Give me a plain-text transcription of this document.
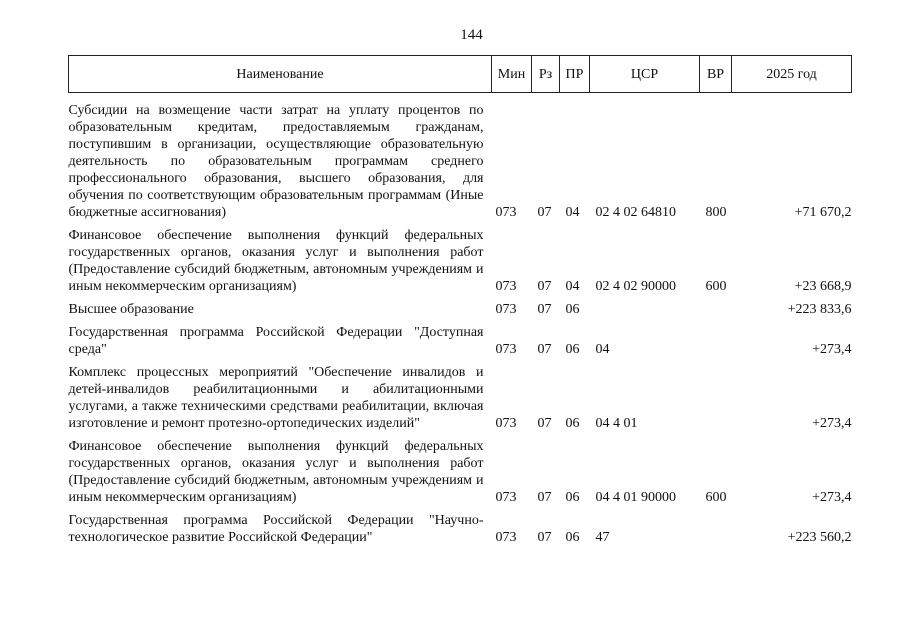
144
Наименование	Мин	Рз	ПР	ЦСР	ВР	2025 год
Субсидии на возмещение части затрат на уплату процентов по образовательным кредитам, предоставляемым гражданам, поступившим в организации, осуществляющие образовательную деятельность по образовательным программам среднего профессионального образования, высшего образования, для обучения по соответствующим образовательным программам (Иные бюджетные ассигнования)	073	07	04	02 4 02 64810	800	+71 670,2
Финансовое обеспечение выполнения функций федеральных государственных органов, оказания услуг и выполнения работ (Предоставление субсидий бюджетным, автономным учреждениям и иным некоммерческим организациям)	073	07	04	02 4 02 90000	600	+23 668,9
Высшее образование	073	07	06			+223 833,6
Государственная программа Российской Федерации "Доступная среда"	073	07	06	04		+273,4
Комплекс процессных мероприятий "Обеспечение инвалидов и детей-инвалидов реабилитационными и абилитационными услугами, а также техническими средствами реабилитации, включая изготовление и ремонт протезно-ортопедических изделий"	073	07	06	04 4 01		+273,4
Финансовое обеспечение выполнения функций федеральных государственных органов, оказания услуг и выполнения работ (Предоставление субсидий бюджетным, автономным учреждениям и иным некоммерческим организациям)	073	07	06	04 4 01 90000	600	+273,4
Государственная программа Российской Федерации "Научно-технологическое развитие Российской Федерации"	073	07	06	47		+223 560,2
